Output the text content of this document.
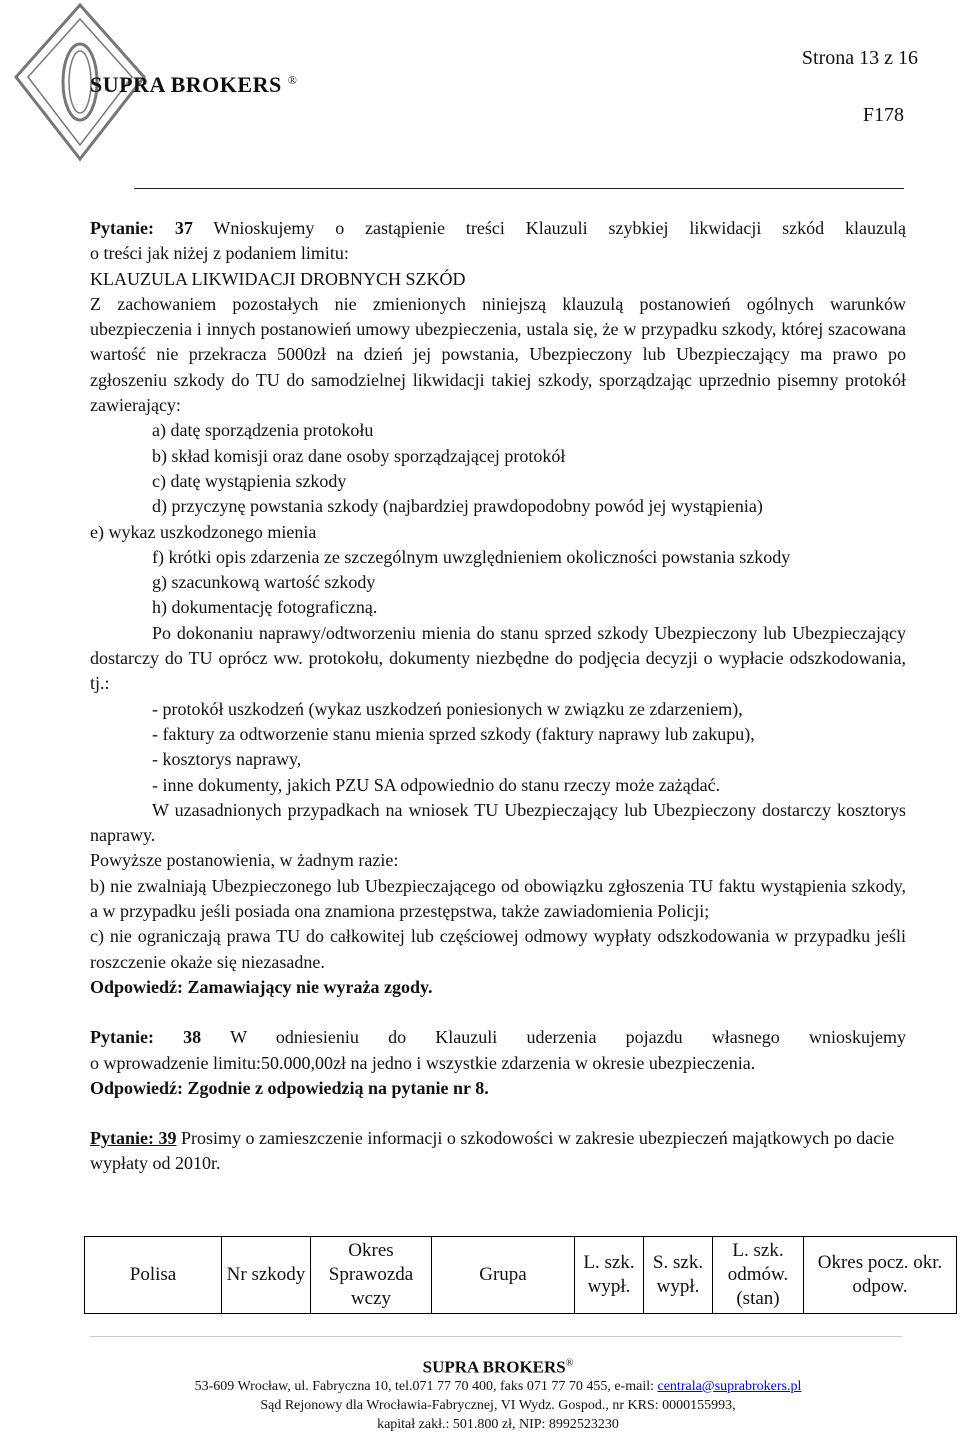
SUPRA BROKERS ®
Strona 13 z 16
F178

Pytanie: 37 Wnioskujemy o zastąpienie treści Klauzuli szybkiej likwidacji szkód klauzulą

o treści jak niżej z podaniem limitu:

KLAUZULA LIKWIDACJI DROBNYCH SZKÓD

Z zachowaniem pozostałych nie zmienionych niniejszą klauzulą postanowień ogólnych warunków ubezpieczenia i innych postanowień umowy ubezpieczenia, ustala się, że w przypadku szkody, której szacowana wartość nie przekracza 5000zł na dzień jej powstania, Ubezpieczony lub Ubezpieczający ma prawo po zgłoszeniu szkody do TU do samodzielnej likwidacji takiej szkody, sporządzając uprzednio pisemny protokół zawierający:

a) datę sporządzenia protokołu

b) skład komisji oraz dane osoby sporządzającej protokół

c) datę wystąpienia szkody

d) przyczynę powstania szkody (najbardziej prawdopodobny powód jej wystąpienia)

e) wykaz uszkodzonego mienia

f) krótki opis zdarzenia ze szczególnym uwzględnieniem okoliczności powstania szkody

g) szacunkową wartość szkody

h) dokumentację fotograficzną.

Po dokonaniu naprawy/odtworzeniu mienia do stanu sprzed szkody Ubezpieczony lub Ubezpieczający dostarczy do TU oprócz ww. protokołu, dokumenty niezbędne do podjęcia decyzji o wypłacie odszkodowania, tj.:

- protokół uszkodzeń (wykaz uszkodzeń poniesionych w związku ze zdarzeniem),

- faktury za odtworzenie stanu mienia sprzed szkody (faktury naprawy lub zakupu),

- kosztorys naprawy,

- inne dokumenty, jakich PZU SA odpowiednio do stanu rzeczy może zażądać.

W uzasadnionych przypadkach na wniosek TU Ubezpieczający lub Ubezpieczony dostarczy kosztorys naprawy.

Powyższe postanowienia, w żadnym razie:

b) nie zwalniają Ubezpieczonego lub Ubezpieczającego od obowiązku zgłoszenia TU faktu wystąpienia szkody, a w przypadku jeśli posiada ona znamiona przestępstwa, także zawiadomienia Policji;

c) nie ograniczają prawa TU do całkowitej lub częściowej odmowy wypłaty odszkodowania w przypadku jeśli roszczenie okaże się niezasadne.

Odpowiedź: Zamawiający nie wyraża zgody.

Pytanie: 38 W odniesieniu do Klauzuli uderzenia pojazdu własnego wnioskujemy

o wprowadzenie limitu:50.000,00zł na jedno i wszystkie zdarzenia w okresie ubezpieczenia.

Odpowiedź: Zgodnie z odpowiedzią na pytanie nr 8.

Pytanie: 39 Prosimy o zamieszczenie informacji o szkodowości w zakresie ubezpieczeń majątkowych po dacie wypłaty od 2010r.

Polisa	Nr szkody	Okres Sprawozda wczy	Grupa	L. szk. wypł.	S. szk. wypł.	L. szk. odmów. (stan)	Okres pocz. okr. odpow.
SUPRA BROKERS®
53-609 Wrocław, ul. Fabryczna 10, tel.071 77 70 400, faks 071 77 70 455, e-mail: centrala@suprabrokers.pl
Sąd Rejonowy dla Wrocławia-Fabrycznej, VI Wydz. Gospod., nr KRS: 0000155993,
kapitał zakł.: 501.800 zł, NIP: 8992523230
